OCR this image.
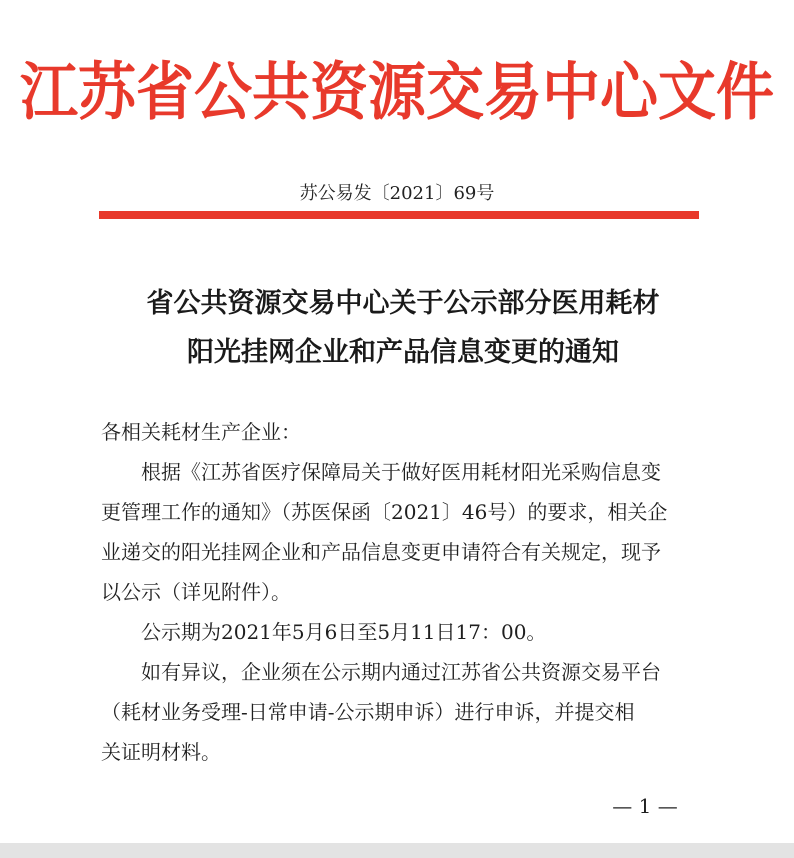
江苏省公共资源交易中心文件
苏公易发〔2021〕69号
省公共资源交易中心关于公示部分医用耗材
阳光挂网企业和产品信息变更的通知
各相关耗材生产企业：
根据《江苏省医疗保障局关于做好医用耗材阳光采购信息变
更管理工作的通知》（苏医保函〔2021〕46号）的要求，相关企
业递交的阳光挂网企业和产品信息变更申请符合有关规定，现予
以公示（详见附件）。
公示期为2021年5月6日至5月11日17：00。
如有异议，企业须在公示期内通过江苏省公共资源交易平台
（耗材业务受理-日常申请-公示期申诉）进行申诉，并提交相
关证明材料。
— 1 —
